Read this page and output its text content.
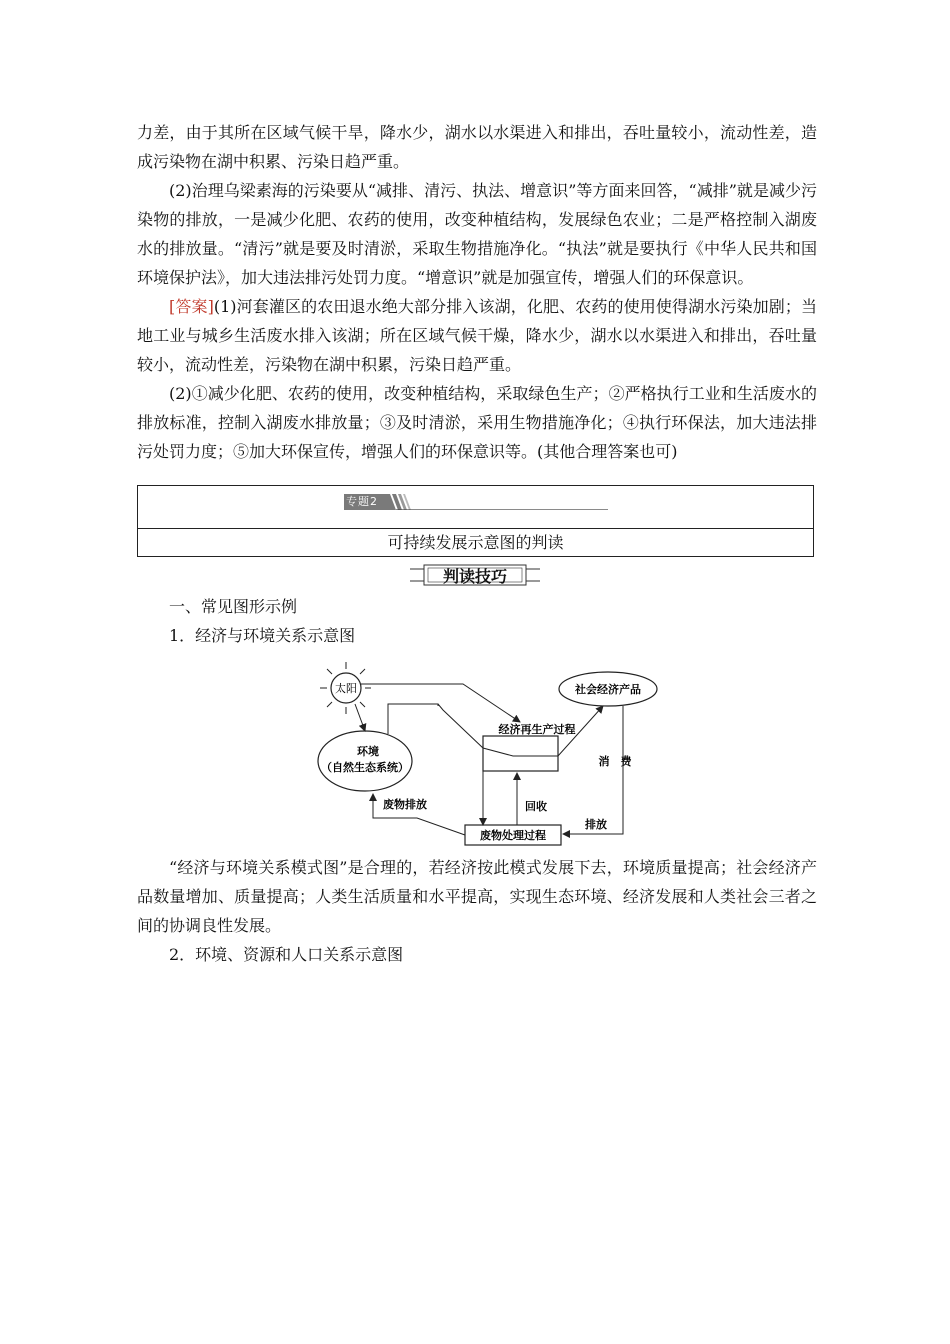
力差，由于其所在区域气候干旱，降水少，湖水以水渠进入和排出，吞吐量较小，流动性差，造成污染物在湖中积累、污染日趋严重。

(2)治理乌梁素海的污染要从“减排、清污、执法、增意识”等方面来回答，“减排”就是减少污染物的排放，一是减少化肥、农药的使用，改变种植结构，发展绿色农业；二是严格控制入湖废水的排放量。“清污”就是要及时清淤，采取生物措施净化。“执法”就是要执行《中华人民共和国环境保护法》，加大违法排污处罚力度。“增意识”就是加强宣传，增强人们的环保意识。

[答案](1)河套灌区的农田退水绝大部分排入该湖，化肥、农药的使用使得湖水污染加剧；当地工业与城乡生活废水排入该湖；所在区域气候干燥，降水少，湖水以水渠进入和排出，吞吐量较小，流动性差，污染物在湖中积累，污染日趋严重。

(2)①减少化肥、农药的使用，改变种植结构，采取绿色生产；②严格执行工业和生活废水的排放标准，控制入湖废水排放量；③及时清淤，采用生物措施净化；④执行环保法，加大违法排污处罚力度；⑤加大环保宣传，增强人们的环保意识等。(其他合理答案也可)

专题2
可持续发展示意图的判读
判读技巧

一、常见图形示例

1．经济与环境关系示意图

太阳
环境
（自然生态系统）
社会经济产品
经济再生产过程
废物处理过程
消　费
排放
回收
废物排放

“经济与环境关系模式图”是合理的，若经济按此模式发展下去，环境质量提高；社会经济产品数量增加、质量提高；人类生活质量和水平提高，实现生态环境、经济发展和人类社会三者之间的协调良性发展。

2．环境、资源和人口关系示意图
